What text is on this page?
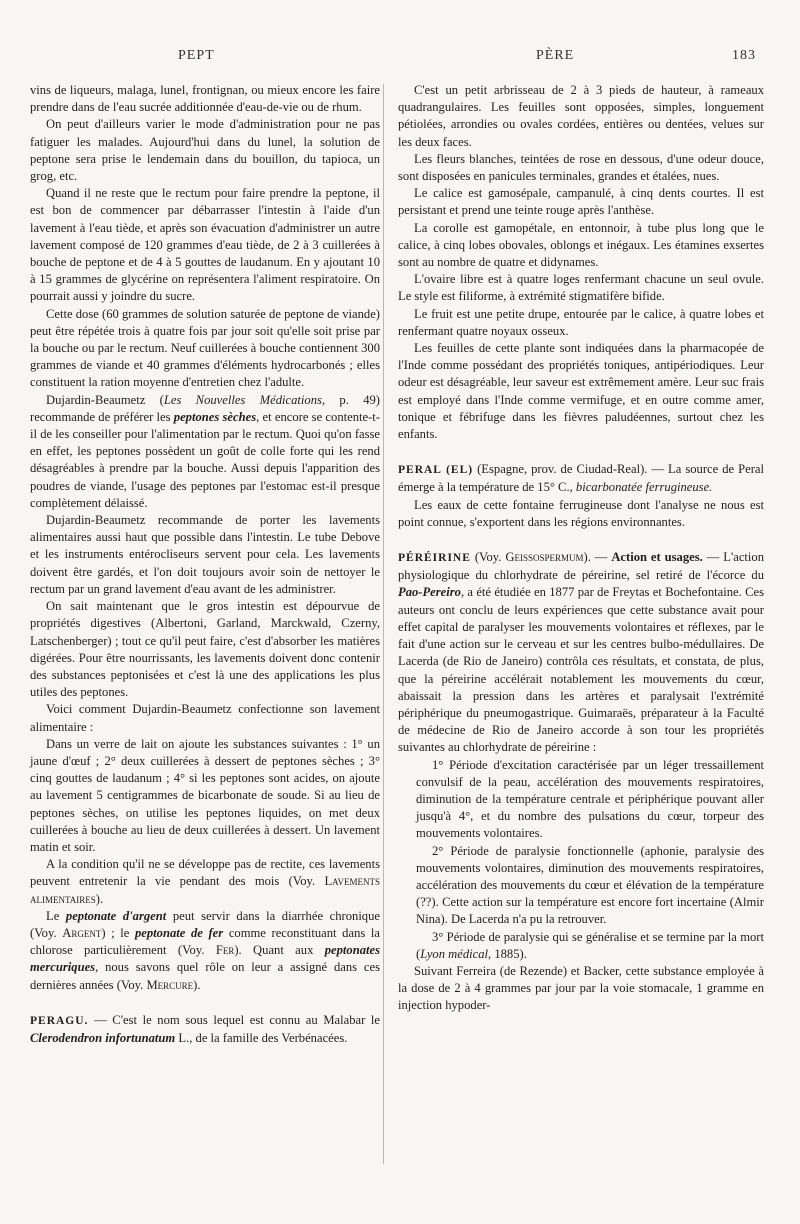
PEPT	PÈRE	183

vins de liqueurs, malaga, lunel, frontignan, ou mieux encore les faire prendre dans de l'eau sucrée additionnée d'eau-de-vie ou de rhum.

On peut d'ailleurs varier le mode d'administration pour ne pas fatiguer les malades. Aujourd'hui dans du lunel, la solution de peptone sera prise le lendemain dans du bouillon, du tapioca, un grog, etc.

Quand il ne reste que le rectum pour faire prendre la peptone, il est bon de commencer par débarrasser l'intestin à l'aide d'un lavement à l'eau tiède, et après son évacuation d'administrer un autre lavement composé de 120 grammes d'eau tiède, de 2 à 3 cuillerées à bouche de peptone et de 4 à 5 gouttes de laudanum. En y ajoutant 10 à 15 grammes de glycérine on représentera l'aliment respiratoire. On pourrait aussi y joindre du sucre.

Cette dose (60 grammes de solution saturée de peptone de viande) peut être répétée trois à quatre fois par jour soit qu'elle soit prise par la bouche ou par le rectum. Neuf cuillerées à bouche contiennent 300 grammes de viande et 40 grammes d'éléments hydrocarbonés ; elles constituent la ration moyenne d'entretien chez l'adulte.

Dujardin-Beaumetz (Les Nouvelles Médications, p. 49) recommande de préférer les peptones sèches, et encore se contente-t-il de les conseiller pour l'alimentation par le rectum. Quoi qu'on fasse en effet, les peptones possèdent un goût de colle forte qui les rend désagréables à prendre par la bouche. Aussi depuis l'apparition des poudres de viande, l'usage des peptones par l'estomac est-il presque complètement délaissé.

Dujardin-Beaumetz recommande de porter les lavements alimentaires aussi haut que possible dans l'intestin. Le tube Debove et les instruments entérocliseurs servent pour cela. Les lavements doivent être gardés, et l'on doit toujours avoir soin de nettoyer le rectum par un grand lavement d'eau avant de les administrer.

On sait maintenant que le gros intestin est dépourvue de propriétés digestives (Albertoni, Garland, Marckwald, Czerny, Latschenberger) ; tout ce qu'il peut faire, c'est d'absorber les matières digérées. Pour être nourrissants, les lavements doivent donc contenir des substances peptonisées et c'est là une des applications les plus utiles des peptones.

Voici comment Dujardin-Beaumetz confectionne son lavement alimentaire :

Dans un verre de lait on ajoute les substances suivantes : 1° un jaune d'œuf ; 2° deux cuillerées à dessert de peptones sèches ; 3° cinq gouttes de laudanum ; 4° si les peptones sont acides, on ajoute au lavement 5 centigrammes de bicarbonate de soude. Si au lieu de peptones sèches, on utilise les peptones liquides, on met deux cuillerées à bouche au lieu de deux cuillerées à dessert. Un lavement matin et soir.

A la condition qu'il ne se développe pas de rectite, ces lavements peuvent entretenir la vie pendant des mois (Voy. Lavements alimentaires).

Le peptonate d'argent peut servir dans la diarrhée chronique (Voy. Argent) ; le peptonate de fer comme reconstituant dans la chlorose particulièrement (Voy. Fer). Quant aux peptonates mercuriques, nous savons quel rôle on leur a assigné dans ces dernières années (Voy. Mercure).

PERAGU. — C'est le nom sous lequel est connu au Malabar le Clerodendron infortunatum L., de la famille des Verbénacées.

C'est un petit arbrisseau de 2 à 3 pieds de hauteur, à rameaux quadrangulaires. Les feuilles sont opposées, simples, longuement pétiolées, arrondies ou ovales cordées, entières ou dentées, velues sur les deux faces.

Les fleurs blanches, teintées de rose en dessous, d'une odeur douce, sont disposées en panicules terminales, grandes et étalées, nues.

Le calice est gamosépale, campanulé, à cinq dents courtes. Il est persistant et prend une teinte rouge après l'anthèse.

La corolle est gamopétale, en entonnoir, à tube plus long que le calice, à cinq lobes obovales, oblongs et inégaux. Les étamines exsertes sont au nombre de quatre et didynames.

L'ovaire libre est à quatre loges renfermant chacune un seul ovule. Le style est filiforme, à extrémité stigmatifère bifide.

Le fruit est une petite drupe, entourée par le calice, à quatre lobes et renfermant quatre noyaux osseux.

Les feuilles de cette plante sont indiquées dans la pharmacopée de l'Inde comme possédant des propriétés toniques, antipériodiques. Leur odeur est désagréable, leur saveur est extrêmement amère. Leur suc frais est employé dans l'Inde comme vermifuge, et en outre comme amer, tonique et fébrifuge dans les fièvres paludéennes, surtout chez les enfants.

PERAL (EL) (Espagne, prov. de Ciudad-Real). — La source de Peral émerge à la température de 15° C., bicarbonatée ferrugineuse.

Les eaux de cette fontaine ferrugineuse dont l'analyse ne nous est point connue, s'exportent dans les régions environnantes.

PÉRÉIRINE (Voy. Geissospermum). — Action et usages. — L'action physiologique du chlorhydrate de péreirine, sel retiré de l'écorce du Pao-Pereiro, a été étudiée en 1877 par de Freytas et Bochefontaine. Ces auteurs ont conclu de leurs expériences que cette substance avait pour effet capital de paralyser les mouvements volontaires et réflexes, par le fait d'une action sur le cerveau et sur les centres bulbo-médullaires. De Lacerda (de Rio de Janeiro) contrôla ces résultats, et constata, de plus, que la péreirine accélérait notablement les mouvements du cœur, abaissait la pression dans les artères et paralysait l'extrémité périphérique du pneumogastrique. Guimaraës, préparateur à la Faculté de médecine de Rio de Janeiro accorde à son tour les propriétés suivantes au chlorhydrate de péreirine :

1° Période d'excitation caractérisée par un léger tressaillement convulsif de la peau, accélération des mouvements respiratoires, diminution de la température centrale et périphérique pouvant aller jusqu'à 4°, et du nombre des pulsations du cœur, torpeur des mouvements volontaires.

2° Période de paralysie fonctionnelle (aphonie, paralysie des mouvements volontaires, diminution des mouvements respiratoires, accélération des mouvements du cœur et élévation de la température (??). Cette action sur la température est encore fort incertaine (Almir Nina). De Lacerda n'a pu la retrouver.

3° Période de paralysie qui se généralise et se termine par la mort (Lyon médical, 1885).

Suivant Ferreira (de Rezende) et Backer, cette substance employée à la dose de 2 à 4 grammes par jour par la voie stomacale, 1 gramme en injection hypoder-
